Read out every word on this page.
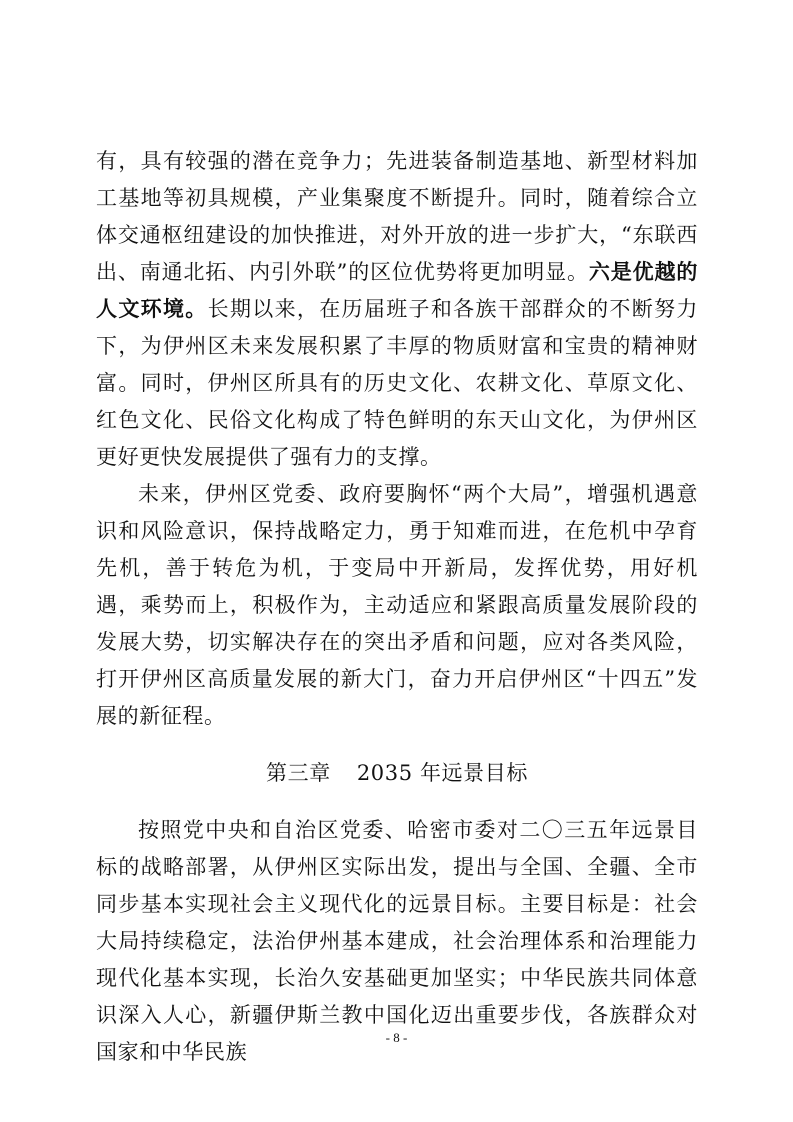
有，具有较强的潜在竞争力；先进装备制造基地、新型材料加工基地等初具规模，产业集聚度不断提升。同时，随着综合立体交通枢纽建设的加快推进，对外开放的进一步扩大，“东联西出、南通北拓、内引外联”的区位优势将更加明显。六是优越的人文环境。长期以来，在历届班子和各族干部群众的不断努力下，为伊州区未来发展积累了丰厚的物质财富和宝贵的精神财富。同时，伊州区所具有的历史文化、农耕文化、草原文化、红色文化、民俗文化构成了特色鲜明的东天山文化，为伊州区更好更快发展提供了强有力的支撑。

未来，伊州区党委、政府要胸怀“两个大局”，增强机遇意识和风险意识，保持战略定力，勇于知难而进，在危机中孕育先机，善于转危为机，于变局中开新局，发挥优势，用好机遇，乘势而上，积极作为，主动适应和紧跟高质量发展阶段的发展大势，切实解决存在的突出矛盾和问题，应对各类风险，打开伊州区高质量发展的新大门，奋力开启伊州区“十四五”发展的新征程。

第三章 2035 年远景目标

按照党中央和自治区党委、哈密市委对二〇三五年远景目标的战略部署，从伊州区实际出发，提出与全国、全疆、全市同步基本实现社会主义现代化的远景目标。主要目标是：社会大局持续稳定，法治伊州基本建成，社会治理体系和治理能力现代化基本实现，长治久安基础更加坚实；中华民族共同体意识深入人心，新疆伊斯兰教中国化迈出重要步伐，各族群众对国家和中华民族

- 8 -
